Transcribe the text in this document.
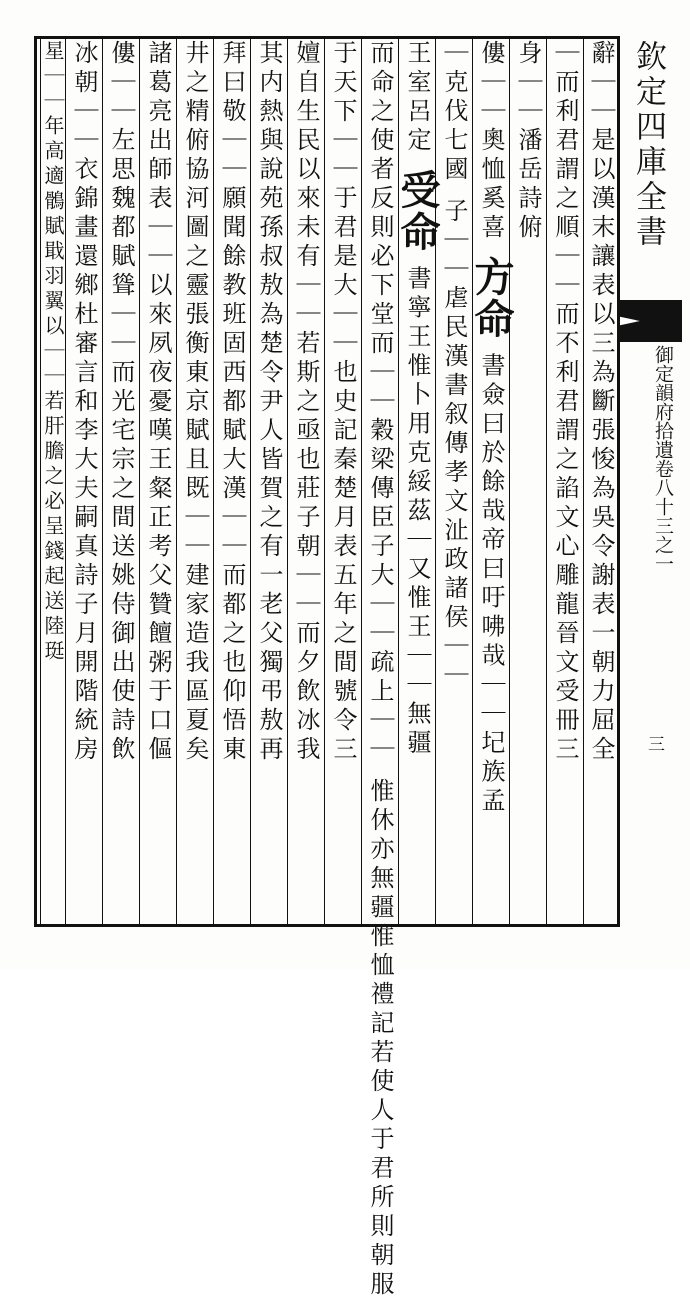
欽定四庫全書
御定韻府拾遺卷八十三之一
三
辭｜｜是以漢末讓表以三為斷張悛為吳令謝表一朝力屈全
｜而利君謂之順｜｜而不利君謂之諂文心雕龍晉文受冊三
身｜｜潘岳詩俯
僂｜｜奧恤奚喜 方命 書僉曰於餘哉帝曰吁咈哉｜｜圮族孟
｜克伐七國 子｜｜虐民漢書叙傳孝文沚政諸侯｜｜
王室呂定 受命 書寧王惟卜用克綏茲｜又惟王｜｜無疆
而命之使者反則必下堂而｜｜穀梁傳臣子大｜｜疏上｜｜ 惟休亦無疆惟恤禮記若使人于君所則朝服
于天下｜｜于君是大｜｜也史記秦楚月表五年之間號令三
嬗自生民以來未有｜｜若斯之亟也莊子朝｜｜而夕飲冰我
其内熱與說苑孫叔敖為楚令尹人皆賀之有一老父獨弔敖再
拜曰敬｜｜願聞餘教班固西都賦大漢｜｜而都之也仰悟東
井之精俯協河圖之靈張衡東京賦且既｜｜建家造我區夏矣
諸葛亮出師表｜｜以來夙夜憂嘆王粲正考父贊饘粥于口傴
僂｜｜左思魏都賦聳｜｜而光宅宗之間送姚侍御出使詩飲
冰朝｜｜衣錦畫還鄉杜審言和李大夫嗣真詩子月開階統房
星｜｜年高適鶻賦戢羽翼以｜｜若肝膽之必呈錢起送陸珽
